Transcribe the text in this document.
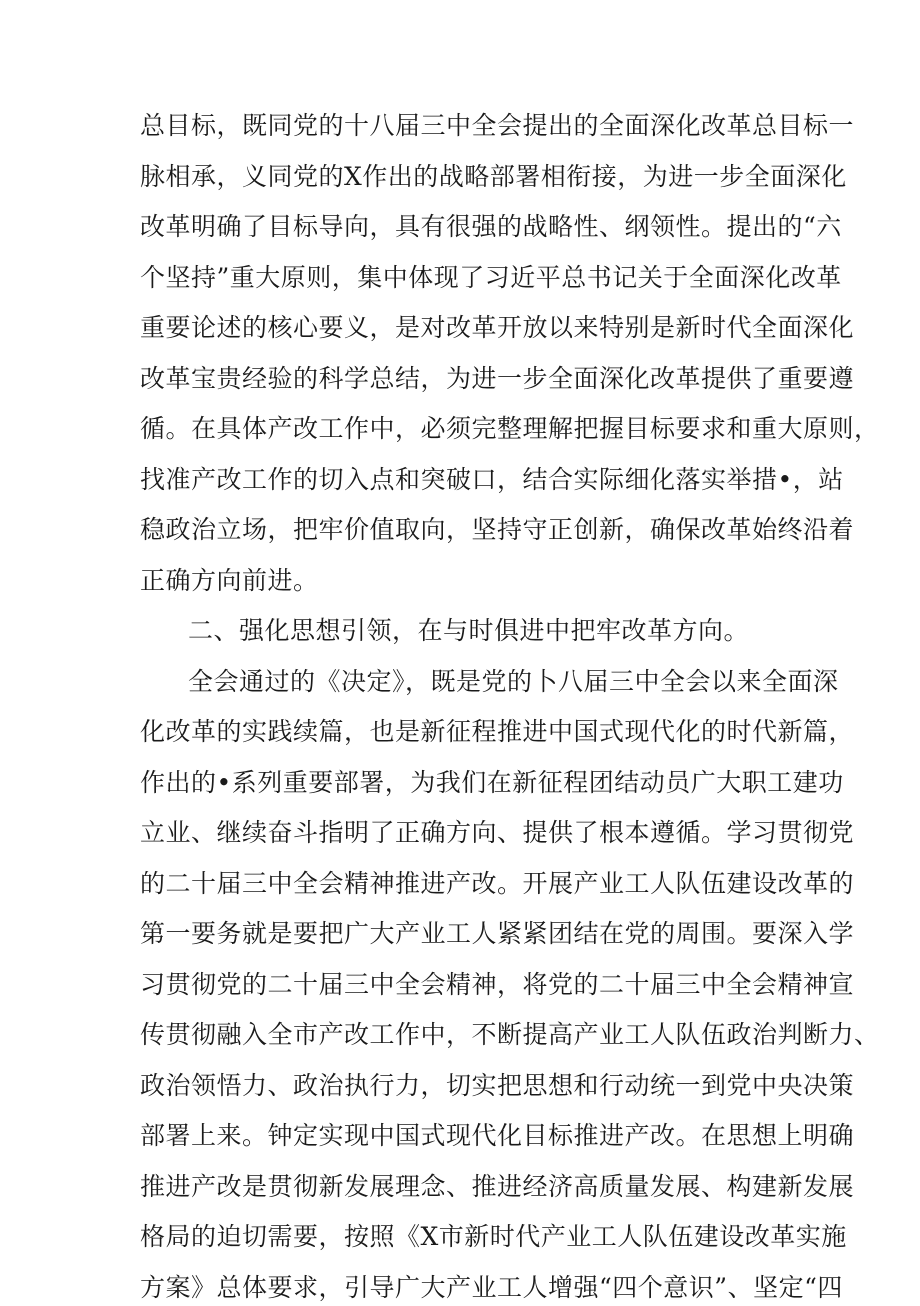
总目标，既同党的十八届三中全会提出的全面深化改革总目标一
脉相承，义同党的X作出的战略部署相衔接，为进一步全面深化
改革明确了目标导向，具有很强的战略性、纲领性。提出的“六
个坚持”重大原则，集中体现了习近平总书记关于全面深化改革
重要论述的核心要义，是对改革开放以来特别是新时代全面深化
改革宝贵经验的科学总结，为进一步全面深化改革提供了重要遵
循。在具体产改工作中，必须完整理解把握目标要求和重大原则，
找准产改工作的切入点和突破口，结合实际细化落实举措•，站
稳政治立场，把牢价值取向，坚持守正创新，确保改革始终沿着
正确方向前进。
二、强化思想引领，在与时俱进中把牢改革方向。
全会通过的《决定》，既是党的卜八届三中全会以来全面深
化改革的实践续篇，也是新征程推进中国式现代化的时代新篇，
作出的•系列重要部署，为我们在新征程团结动员广大职工建功
立业、继续奋斗指明了正确方向、提供了根本遵循。学习贯彻党
的二十届三中全会精神推进产改。开展产业工人队伍建设改革的
第一要务就是要把广大产业工人紧紧团结在党的周围。要深入学
习贯彻党的二十届三中全会精神，将党的二十届三中全会精神宣
传贯彻融入全市产改工作中，不断提高产业工人队伍政治判断力、
政治领悟力、政治执行力，切实把思想和行动统一到党中央决策
部署上来。钟定实现中国式现代化目标推进产改。在思想上明确
推进产改是贯彻新发展理念、推进经济高质量发展、构建新发展
格局的迫切需要，按照《X市新时代产业工人队伍建设改革实施
方案》总体要求，引导广大产业工人增强“四个意识”、坚定“四
